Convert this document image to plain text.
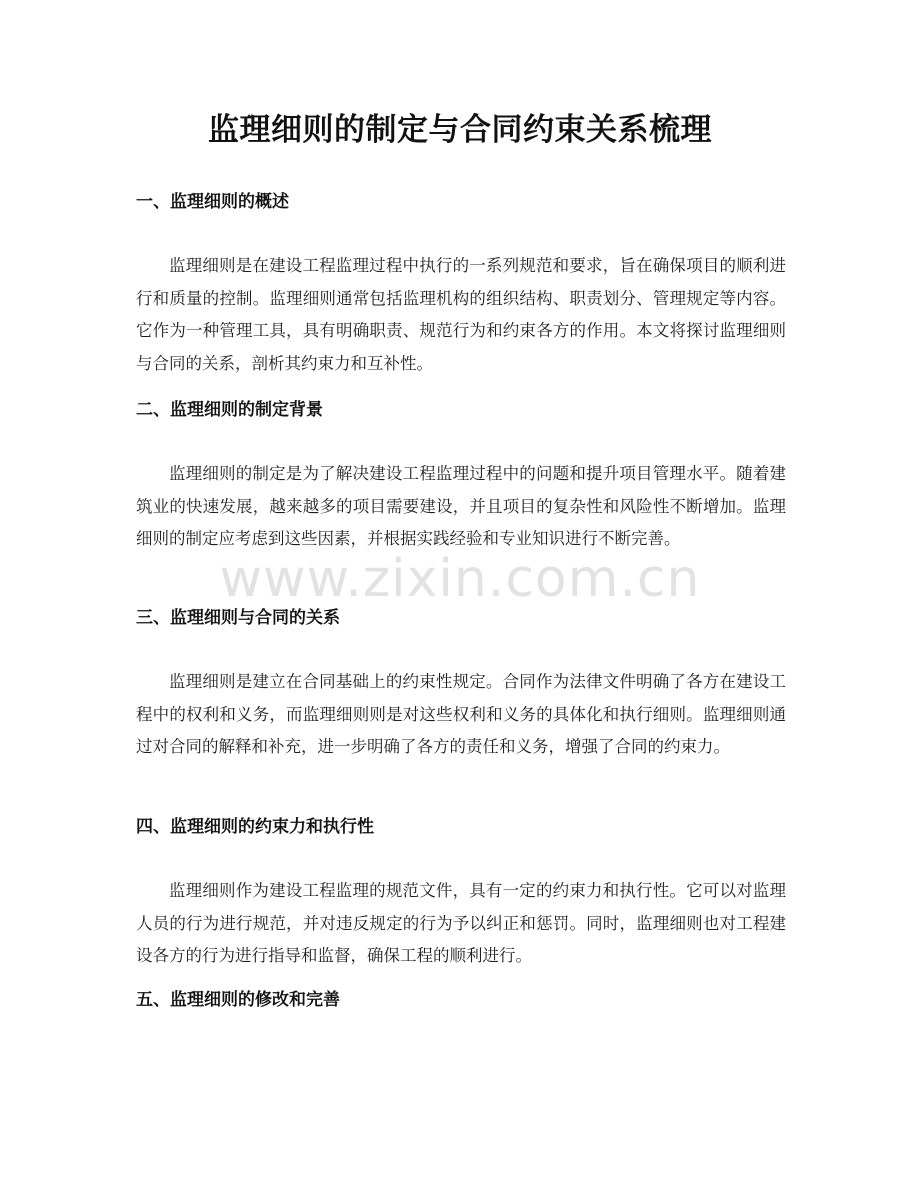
监理细则的制定与合同约束关系梳理
一、监理细则的概述

监理细则是在建设工程监理过程中执行的一系列规范和要求，旨在确保项目的顺利进行和质量的控制。监理细则通常包括监理机构的组织结构、职责划分、管理规定等内容。它作为一种管理工具，具有明确职责、规范行为和约束各方的作用。本文将探讨监理细则与合同的关系，剖析其约束力和互补性。

二、监理细则的制定背景

监理细则的制定是为了解决建设工程监理过程中的问题和提升项目管理水平。随着建筑业的快速发展，越来越多的项目需要建设，并且项目的复杂性和风险性不断增加。监理细则的制定应考虑到这些因素，并根据实践经验和专业知识进行不断完善。

三、监理细则与合同的关系

监理细则是建立在合同基础上的约束性规定。合同作为法律文件明确了各方在建设工程中的权利和义务，而监理细则则是对这些权利和义务的具体化和执行细则。监理细则通过对合同的解释和补充，进一步明确了各方的责任和义务，增强了合同的约束力。

四、监理细则的约束力和执行性

监理细则作为建设工程监理的规范文件，具有一定的约束力和执行性。它可以对监理人员的行为进行规范，并对违反规定的行为予以纠正和惩罚。同时，监理细则也对工程建设各方的行为进行指导和监督，确保工程的顺利进行。

五、监理细则的修改和完善
www.zixin.com.cn
